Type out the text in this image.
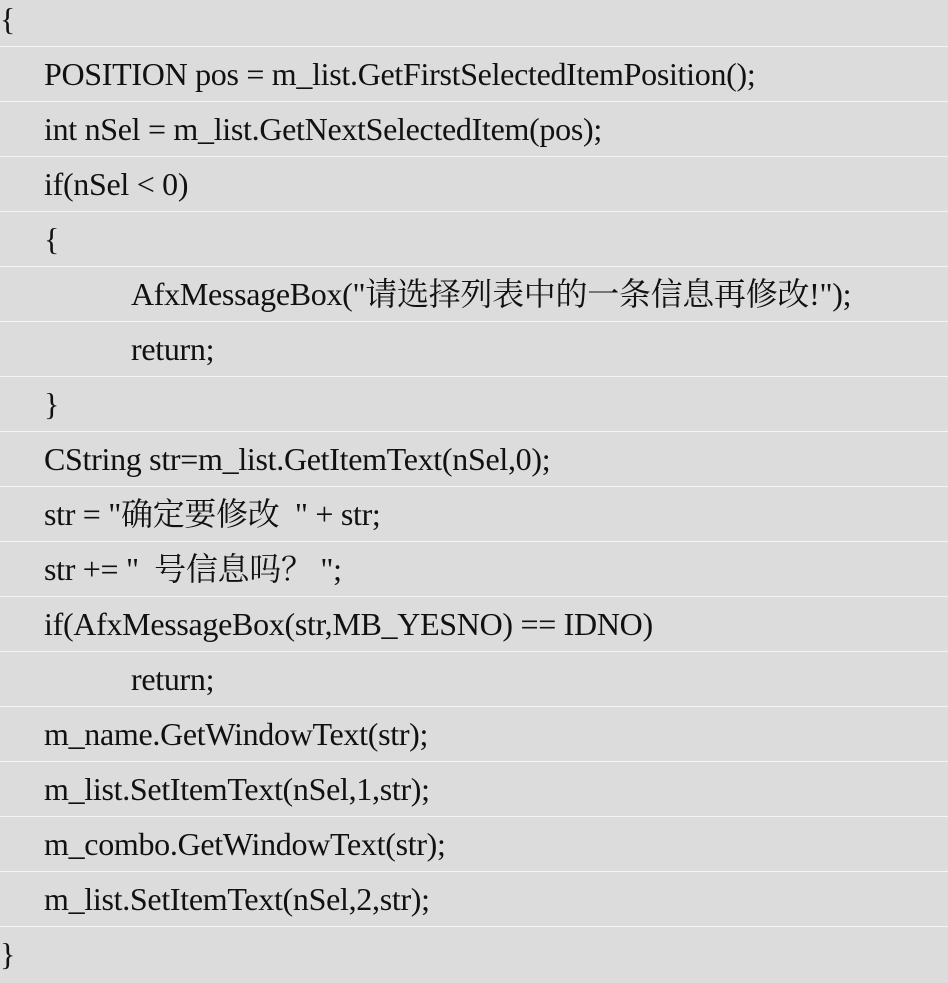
{
POSITION pos = m_list.GetFirstSelectedItemPosition();
int nSel = m_list.GetNextSelectedItem(pos);
if(nSel < 0)
{
AfxMessageBox("请选择列表中的一条信息再修改!");
return;
}
CString str=m_list.GetItemText(nSel,0);
str = "确定要修改  " + str;
str += "  号信息吗？ ";
if(AfxMessageBox(str,MB_YESNO) == IDNO)
return;
m_name.GetWindowText(str);
m_list.SetItemText(nSel,1,str);
m_combo.GetWindowText(str);
m_list.SetItemText(nSel,2,str);
}
